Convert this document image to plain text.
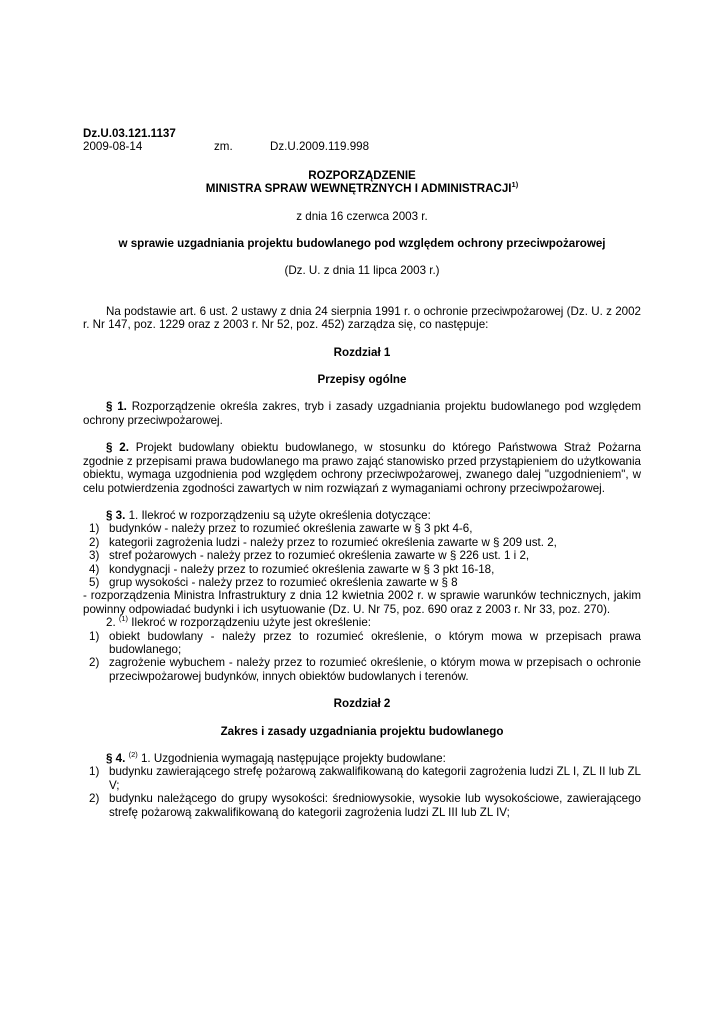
Dz.U.03.121.1137
2009-08-14	zm.	Dz.U.2009.119.998
ROZPORZĄDZENIE
MINISTRA SPRAW WEWNĘTRZNYCH I ADMINISTRACJI$^{1)}$
z dnia 16 czerwca 2003 r.
w sprawie uzgadniania projektu budowlanego pod względem ochrony przeciwpożarowej
(Dz. U. z dnia 11 lipca 2003 r.)

Na podstawie art. 6 ust. 2 ustawy z dnia 24 sierpnia 1991 r. o ochronie przeciwpożarowej (Dz. U. z 2002 r. Nr 147, poz. 1229 oraz z 2003 r. Nr 52, poz. 452) zarządza się, co następuje:

Rozdział 1
Przepisy ogólne

§ 1. Rozporządzenie określa zakres, tryb i zasady uzgadniania projektu budowlanego pod względem ochrony przeciwpożarowej.

§ 2. Projekt budowlany obiektu budowlanego, w stosunku do którego Państwowa Straż Pożarna zgodnie z przepisami prawa budowlanego ma prawo zająć stanowisko przed przystąpieniem do użytkowania obiektu, wymaga uzgodnienia pod względem ochrony przeciwpożarowej, zwanego dalej "uzgodnieniem", w celu potwierdzenia zgodności zawartych w nim rozwiązań z wymaganiami ochrony przeciwpożarowej.

§ 3. 1. Ilekroć w rozporządzeniu są użyte określenia dotyczące:

1) budynków - należy przez to rozumieć określenia zawarte w § 3 pkt 4-6,
2) kategorii zagrożenia ludzi - należy przez to rozumieć określenia zawarte w § 209 ust. 2,
3) stref pożarowych - należy przez to rozumieć określenia zawarte w § 226 ust. 1 i 2,
4) kondygnacji - należy przez to rozumieć określenia zawarte w § 3 pkt 16-18,
5) grup wysokości - należy przez to rozumieć określenia zawarte w § 8

- rozporządzenia Ministra Infrastruktury z dnia 12 kwietnia 2002 r. w sprawie warunków technicznych, jakim powinny odpowiadać budynki i ich usytuowanie (Dz. U. Nr 75, poz. 690 oraz z 2003 r. Nr 33, poz. 270).

2. $^{(1)}$ Ilekroć w rozporządzeniu użyte jest określenie:

1) obiekt budowlany - należy przez to rozumieć określenie, o którym mowa w przepisach prawa budowlanego;
2) zagrożenie wybuchem - należy przez to rozumieć określenie, o którym mowa w przepisach o ochronie przeciwpożarowej budynków, innych obiektów budowlanych i terenów.
Rozdział 2
Zakres i zasady uzgadniania projektu budowlanego

§ 4. $^{(2)}$ 1. Uzgodnienia wymagają następujące projekty budowlane:

1) budynku zawierającego strefę pożarową zakwalifikowaną do kategorii zagrożenia ludzi ZL I, ZL II lub ZL V;
2) budynku należącego do grupy wysokości: średniowysokie, wysokie lub wysokościowe, zawierającego strefę pożarową zakwalifikowaną do kategorii zagrożenia ludzi ZL III lub ZL IV;
